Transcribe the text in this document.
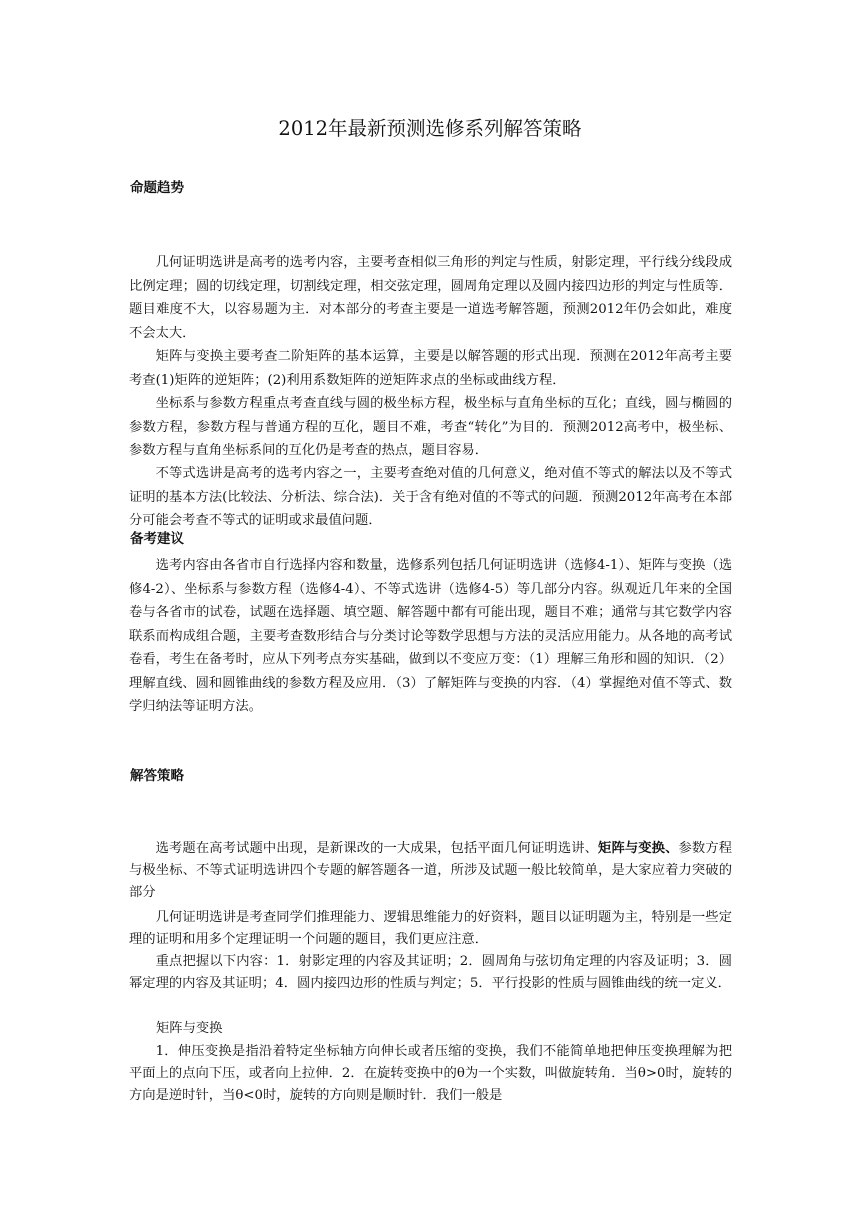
2012年最新预测选修系列解答策略
命题趋势

几何证明选讲是高考的选考内容，主要考查相似三角形的判定与性质，射影定理，平行线分线段成比例定理；圆的切线定理，切割线定理，相交弦定理，圆周角定理以及圆内接四边形的判定与性质等．题目难度不大，以容易题为主．对本部分的考查主要是一道选考解答题，预测2012年仍会如此，难度不会太大．

矩阵与变换主要考查二阶矩阵的基本运算，主要是以解答题的形式出现．预测在2012年高考主要考查(1)矩阵的逆矩阵；(2)利用系数矩阵的逆矩阵求点的坐标或曲线方程．

坐标系与参数方程重点考查直线与圆的极坐标方程，极坐标与直角坐标的互化；直线，圆与椭圆的参数方程，参数方程与普通方程的互化，题目不难，考查“转化”为目的．预测2012高考中，极坐标、参数方程与直角坐标系间的互化仍是考查的热点，题目容易．

不等式选讲是高考的选考内容之一，主要考查绝对值的几何意义，绝对值不等式的解法以及不等式证明的基本方法(比较法、分析法、综合法)．关于含有绝对值的不等式的问题．预测2012年高考在本部分可能会考查不等式的证明或求最值问题．

备考建议

选考内容由各省市自行选择内容和数量，选修系列包括几何证明选讲（选修4-1）、矩阵与变换（选修4-2）、坐标系与参数方程（选修4-4）、不等式选讲（选修4-5）等几部分内容。纵观近几年来的全国卷与各省市的试卷，试题在选择题、填空题、解答题中都有可能出现，题目不难；通常与其它数学内容联系而构成组合题，主要考查数形结合与分类讨论等数学思想与方法的灵活应用能力。从各地的高考试卷看，考生在备考时，应从下列考点夯实基础，做到以不变应万变：（1）理解三角形和圆的知识．（2）理解直线、圆和圆锥曲线的参数方程及应用．（3）了解矩阵与变换的内容．（4）掌握绝对值不等式、数学归纳法等证明方法。

解答策略

选考题在高考试题中出现，是新课改的一大成果，包括平面几何证明选讲、矩阵与变换、参数方程与极坐标、不等式证明选讲四个专题的解答题各一道，所涉及试题一般比较简单，是大家应着力突破的部分

几何证明选讲是考查同学们推理能力、逻辑思维能力的好资料，题目以证明题为主，特别是一些定理的证明和用多个定理证明一个问题的题目，我们更应注意．

重点把握以下内容：1．射影定理的内容及其证明；2．圆周角与弦切角定理的内容及证明；3．圆幂定理的内容及其证明；4．圆内接四边形的性质与判定；5．平行投影的性质与圆锥曲线的统一定义．

矩阵与变换

1．伸压变换是指沿着特定坐标轴方向伸长或者压缩的变换，我们不能简单地把伸压变换理解为把平面上的点向下压，或者向上拉伸．2．在旋转变换中的θ为一个实数，叫做旋转角．当θ>0时，旋转的方向是逆时针，当θ<0时，旋转的方向则是顺时针．我们一般是
